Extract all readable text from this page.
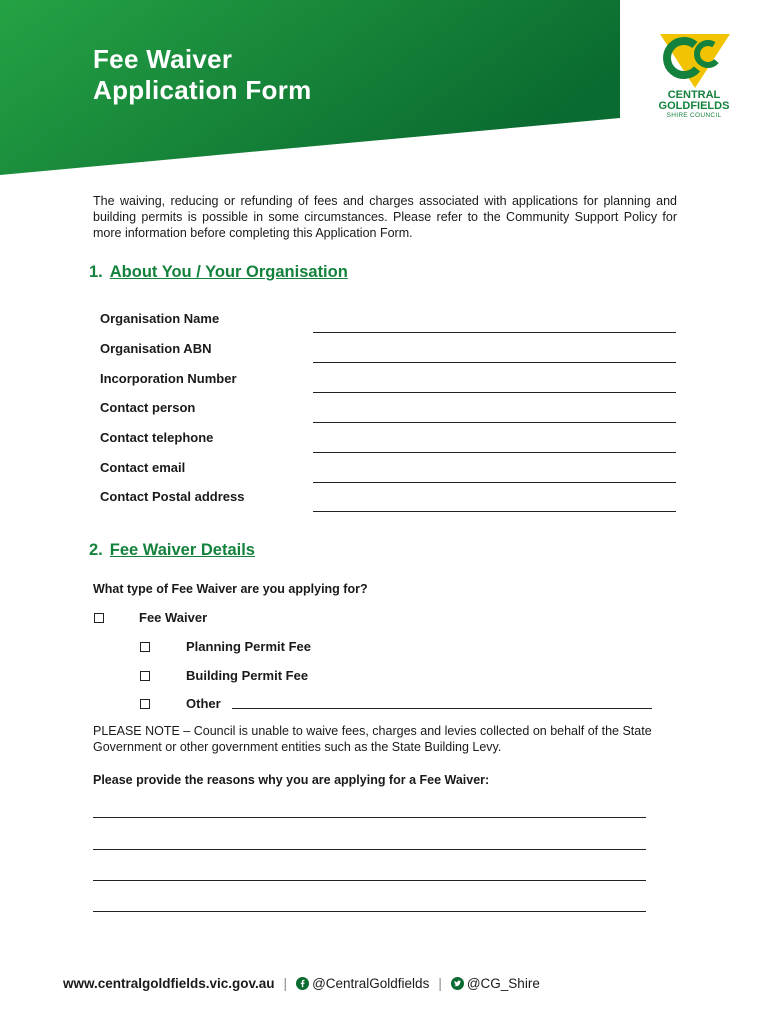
Fee Waiver
Application Form	CENTRAL
GOLDFIELDS
SHIRE COUNCIL
The waiving, reducing or refunding of fees and charges associated with applications for planning and building permits is possible in some circumstances. Please refer to the Community Support Policy for more information before completing this Application Form.
1. About You / Your Organisation
Organisation Name
Organisation ABN
Incorporation Number
Contact person
Contact telephone
Contact email
Contact Postal address
2. Fee Waiver Details
What type of Fee Waiver are you applying for?
Fee Waiver
Planning Permit Fee
Building Permit Fee
Other
PLEASE NOTE – Council is unable to waive fees, charges and levies collected on behalf of the State Government or other government entities such as the State Building Levy.
Please provide the reasons why you are applying for a Fee Waiver:
www.centralgoldfields.vic.gov.au | @CentralGoldfields | @CG_Shire
